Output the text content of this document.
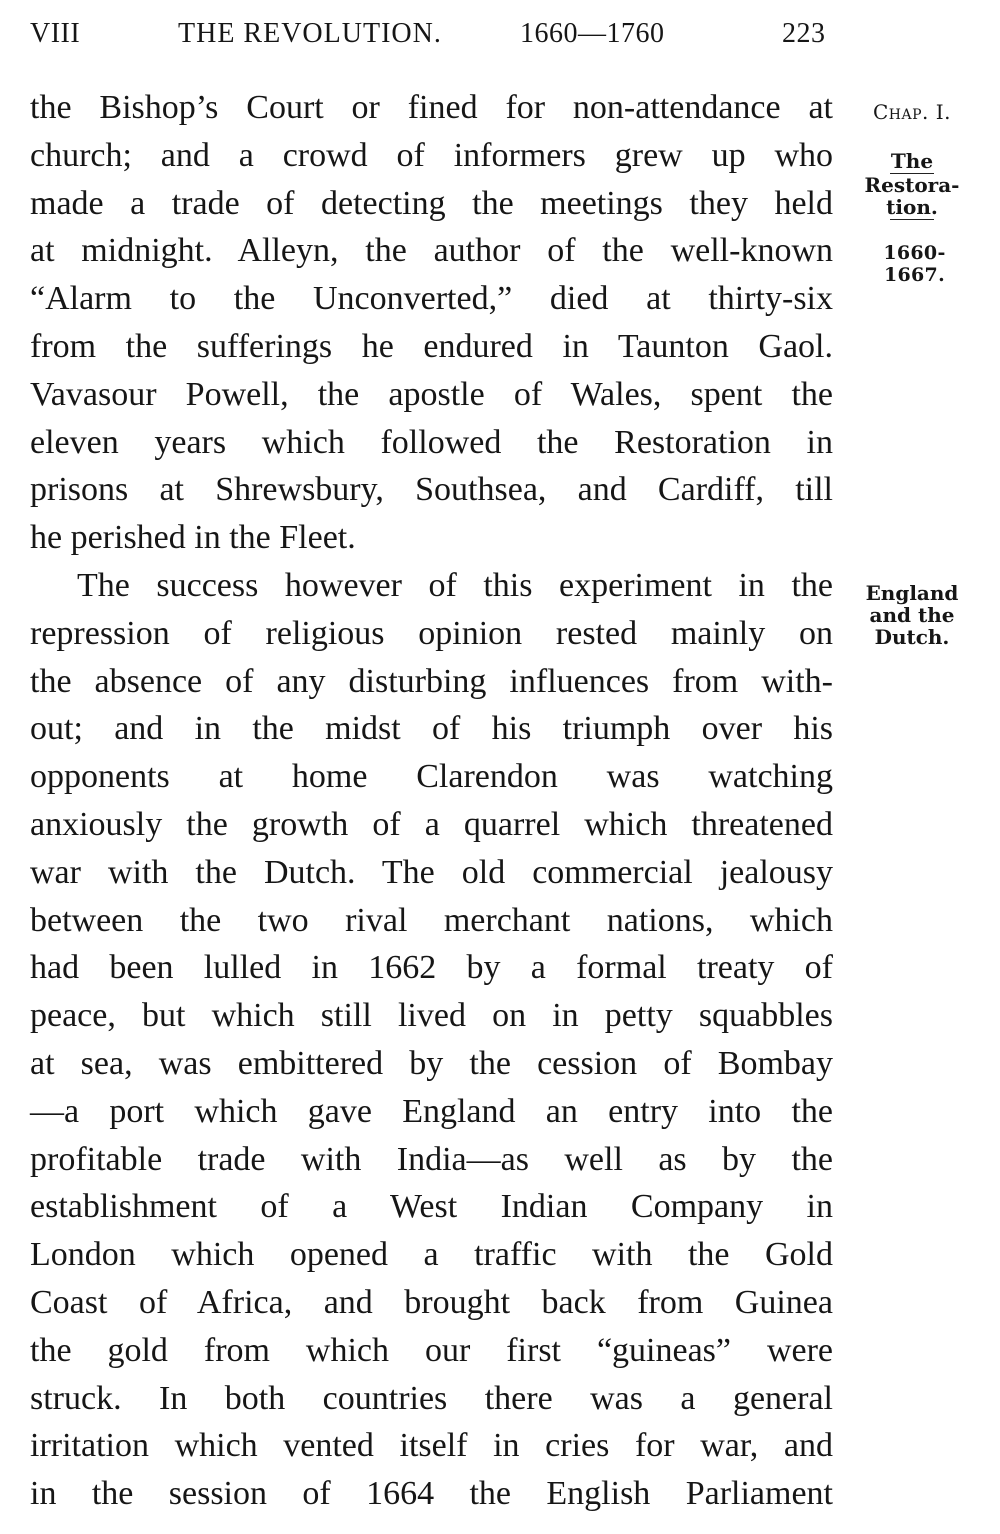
VIII	THE REVOLUTION.	1660—1760	223
the Bishop’s Court or fined for non-attendance at
church; and a crowd of informers grew up who
made a trade of detecting the meetings they held
at midnight. Alleyn, the author of the well-known
“Alarm to the Unconverted,” died at thirty-six
from the sufferings he endured in Taunton Gaol.
Vavasour Powell, the apostle of Wales, spent the
eleven years which followed the Restoration in
prisons at Shrewsbury, Southsea, and Cardiff, till
he perished in the Fleet.
The success however of this experiment in the
repression of religious opinion rested mainly on
the absence of any disturbing influences from with-
out; and in the midst of his triumph over his
opponents at home Clarendon was watching
anxiously the growth of a quarrel which threatened
war with the Dutch. The old commercial jealousy
between the two rival merchant nations, which
had been lulled in 1662 by a formal treaty of
peace, but which still lived on in petty squabbles
at sea, was embittered by the cession of Bombay
—a port which gave England an entry into the
profitable trade with India—as well as by the
establishment of a West Indian Company in
London which opened a traffic with the Gold
Coast of Africa, and brought back from Guinea
the gold from which our first “guineas” were
struck. In both countries there was a general
irritation which vented itself in cries for war, and
in the session of 1664 the English Parliament
Chap. I.
The
Restora-
tion.
1660-1667.
England
and the
Dutch.
